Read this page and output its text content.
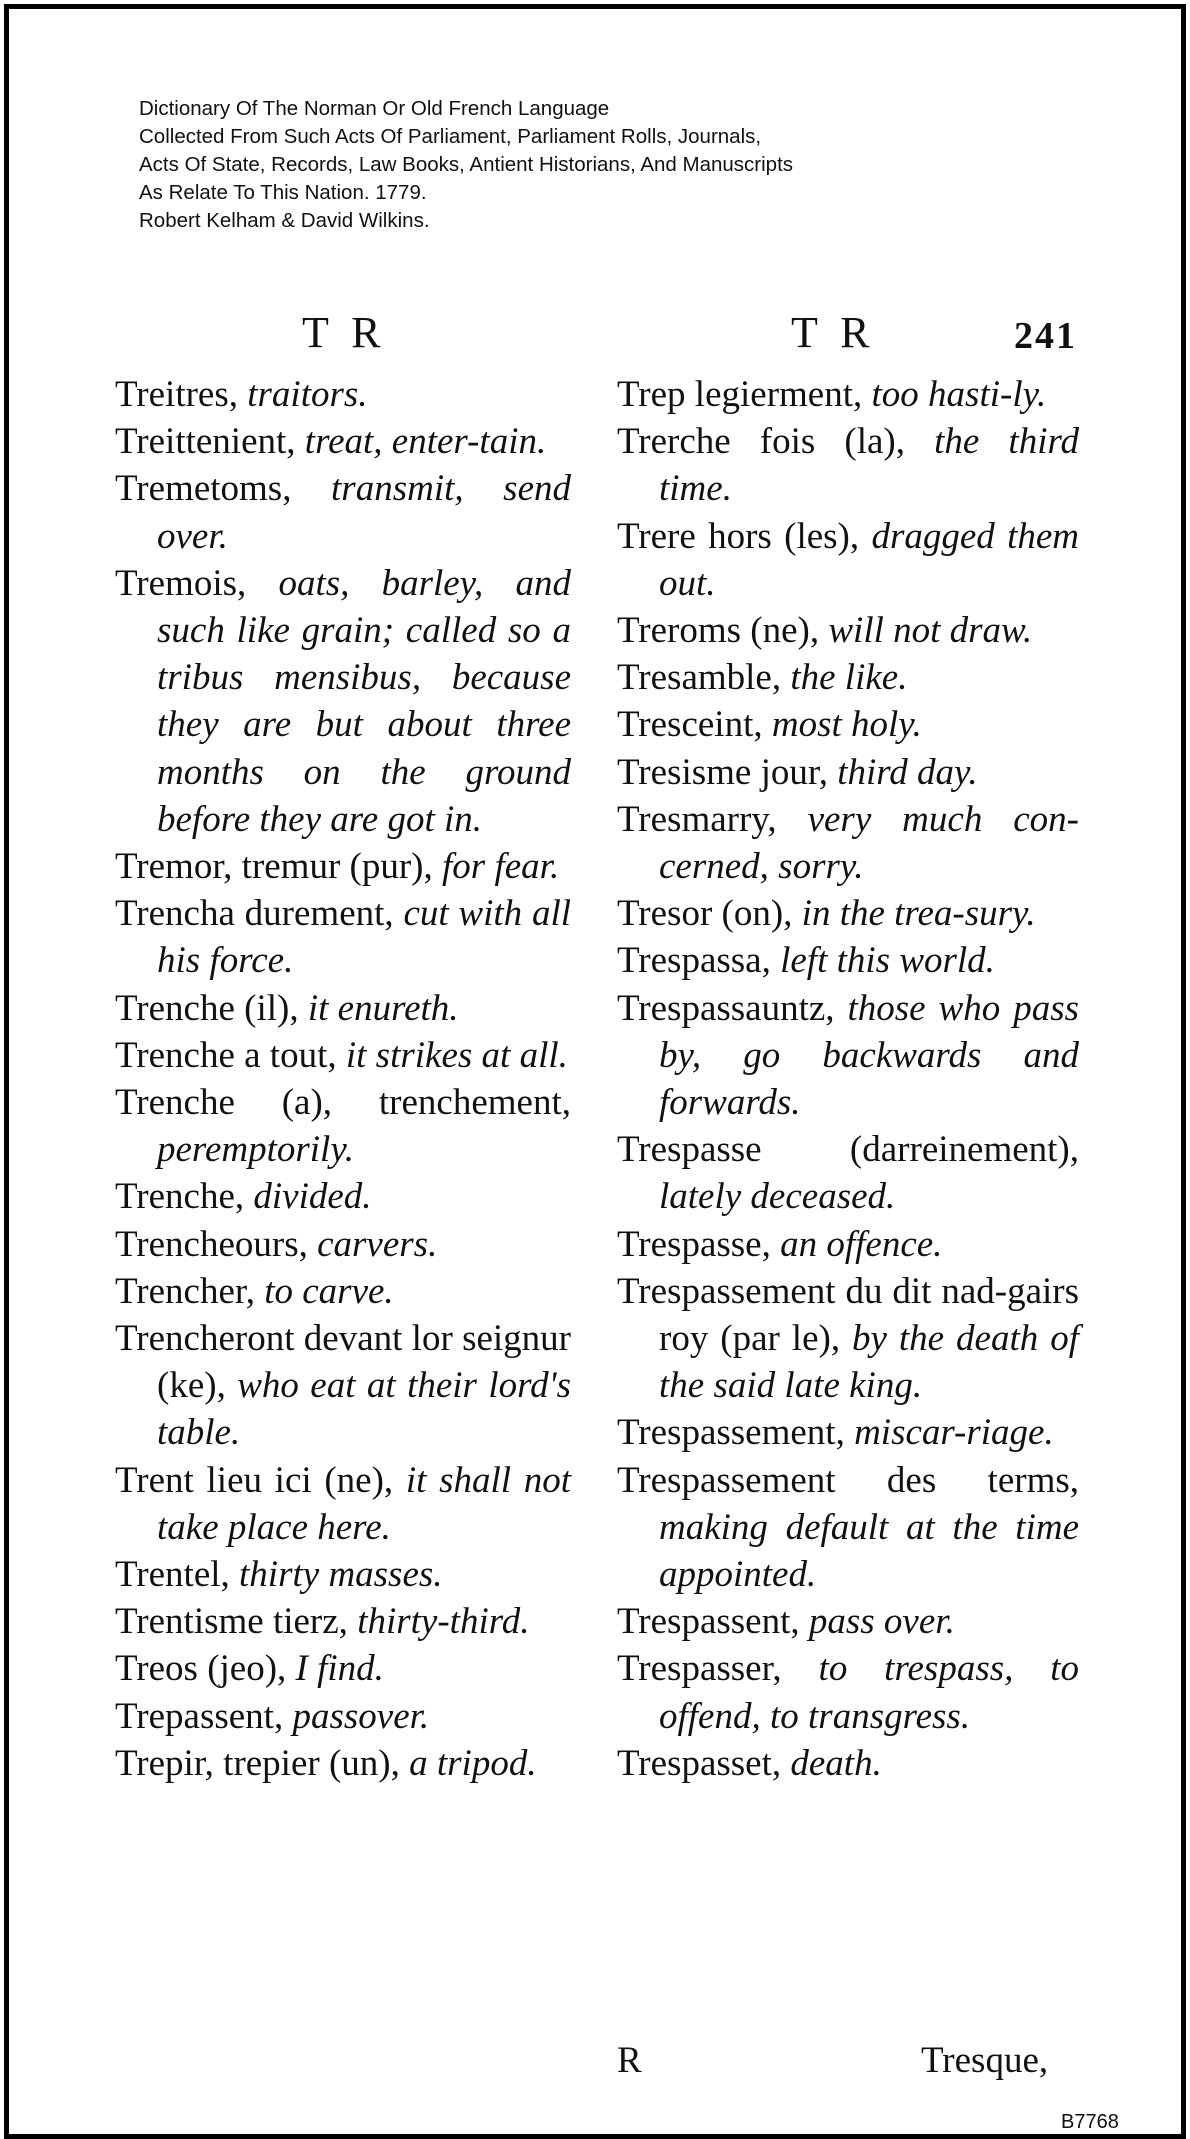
Dictionary Of The Norman Or Old French Language
Collected From Such Acts Of Parliament, Parliament Rolls, Journals,
Acts Of State, Records, Law Books, Antient Historians, And Manuscripts
As Relate To This Nation. 1779.
Robert Kelham & David Wilkins.
T R	T R	241
Treitres, traitors.
Treittenient, treat, enter-tain.
Tremetoms, transmit, send over.
Tremois, oats, barley, and such like grain; called so a tribus mensibus, because they are but about three months on the ground before they are got in.
Tremor, tremur (pur), for fear.
Trencha durement, cut with all his force.
Trenche (il), it enureth.
Trenche a tout, it strikes at all.
Trenche (a), trenchement, peremptorily.
Trenche, divided.
Trencheours, carvers.
Trencher, to carve.
Trencheront devant lor seignur (ke), who eat at their lord's table.
Trent lieu ici (ne), it shall not take place here.
Trentel, thirty masses.
Trentisme tierz, thirty-third.
Treos (jeo), I find.
Trepassent, passover.
Trepir, trepier (un), a tripod.
Trep legierment, too hasti-ly.
Trerche fois (la), the third time.
Trere hors (les), dragged them out.
Treroms (ne), will not draw.
Tresamble, the like.
Tresceint, most holy.
Tresisme jour, third day.
Tresmarry, very much con-cerned, sorry.
Tresor (on), in the trea-sury.
Trespassa, left this world.
Trespassauntz, those who pass by, go backwards and forwards.
Trespasse (darreinement), lately deceased.
Trespasse, an offence.
Trespassement du dit nad-gairs roy (par le), by the death of the said late king.
Trespassement, miscar-riage.
Trespassement des terms, making default at the time appointed.
Trespassent, pass over.
Trespasser, to trespass, to offend, to transgress.
Trespasset, death.
R	Tresque,
B7768
